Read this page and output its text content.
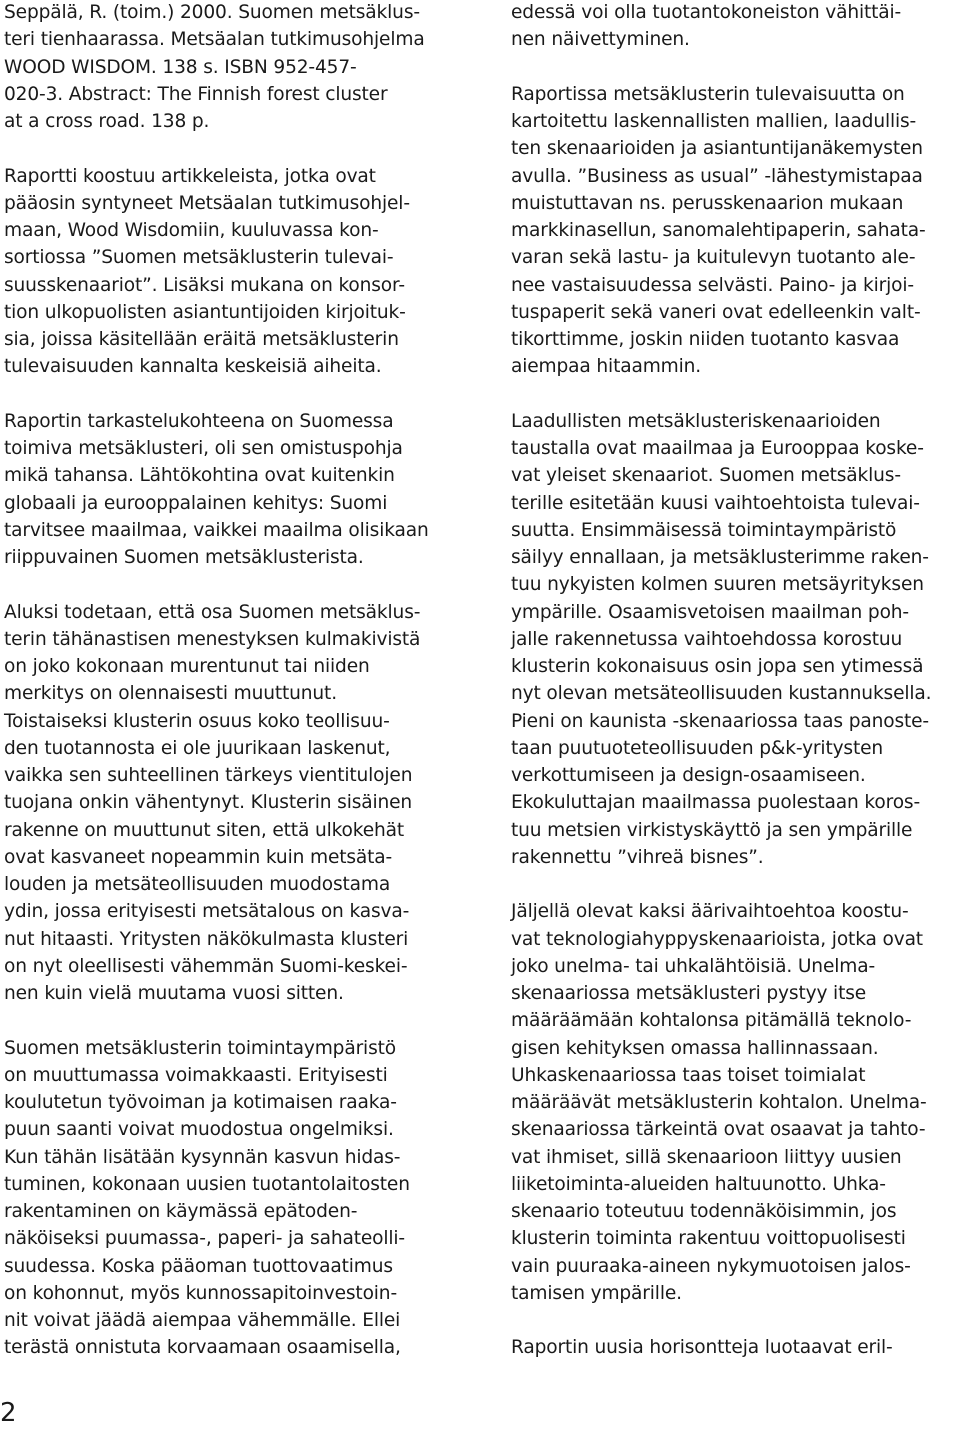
Seppälä, R. (toim.) 2000. Suomen metsäklus-
teri tienhaarassa. Metsäalan tutkimusohjelma
WOOD WISDOM. 138 s. ISBN 952-457-
020-3. Abstract: The Finnish forest cluster
at a cross road. 138 p.
Raportti koostuu artikkeleista, jotka ovat
pääosin syntyneet Metsäalan tutkimusohjel-
maan, Wood Wisdomiin, kuuluvassa kon-
sortiossa ”Suomen metsäklusterin tulevai-
suusskenaariot”. Lisäksi mukana on konsor-
tion ulkopuolisten asiantuntijoiden kirjoituk-
sia, joissa käsitellään eräitä metsäklusterin
tulevaisuuden kannalta keskeisiä aiheita.
Raportin tarkastelukohteena on Suomessa
toimiva metsäklusteri, oli sen omistuspohja
mikä tahansa. Lähtökohtina ovat kuitenkin
globaali ja eurooppalainen kehitys: Suomi
tarvitsee maailmaa, vaikkei maailma olisikaan
riippuvainen Suomen metsäklusterista.
Aluksi todetaan, että osa Suomen metsäklus-
terin tähänastisen menestyksen kulmakivistä
on joko kokonaan murentunut tai niiden
merkitys on olennaisesti muuttunut.
Toistaiseksi klusterin osuus koko teollisuu-
den tuotannosta ei ole juurikaan laskenut,
vaikka sen suhteellinen tärkeys vientitulojen
tuojana onkin vähentynyt. Klusterin sisäinen
rakenne on muuttunut siten, että ulkokehät
ovat kasvaneet nopeammin kuin metsäta-
louden ja metsäteollisuuden muodostama
ydin, jossa erityisesti metsätalous on kasva-
nut hitaasti. Yritysten näkökulmasta klusteri
on nyt oleellisesti vähemmän Suomi-keskei-
nen kuin vielä muutama vuosi sitten.
Suomen metsäklusterin toimintaympäristö
on muuttumassa voimakkaasti. Erityisesti
koulutetun työvoiman ja kotimaisen raaka-
puun saanti voivat muodostua ongelmiksi.
Kun tähän lisätään kysynnän kasvun hidas-
tuminen, kokonaan uusien tuotantolaitosten
rakentaminen on käymässä epätoden-
näköiseksi puumassa-, paperi- ja sahateolli-
suudessa. Koska pääoman tuottovaatimus
on kohonnut, myös kunnossapitoinvestoin-
nit voivat jäädä aiempaa vähemmälle. Ellei
terästä onnistuta korvaamaan osaamisella,
edessä voi olla tuotantokoneiston vähittäi-
nen näivettyminen.
Raportissa metsäklusterin tulevaisuutta on
kartoitettu laskennallisten mallien, laadullis-
ten skenaarioiden ja asiantuntijanäkemysten
avulla. ”Business as usual” -lähestymistapaa
muistuttavan ns. perusskenaarion mukaan
markkinasellun, sanomalehtipaperin, sahata-
varan sekä lastu- ja kuitulevyn tuotanto ale-
nee vastaisuudessa selvästi. Paino- ja kirjoi-
tuspaperit sekä vaneri ovat edelleenkin valt-
tikorttimme, joskin niiden tuotanto kasvaa
aiempaa hitaammin.
Laadullisten metsäklusteriskenaarioiden
taustalla ovat maailmaa ja Eurooppaa koske-
vat yleiset skenaariot. Suomen metsäklus-
terille esitetään kuusi vaihtoehtoista tulevai-
suutta. Ensimmäisessä toimintaympäristö
säilyy ennallaan, ja metsäklusterimme raken-
tuu nykyisten kolmen suuren metsäyrityksen
ympärille. Osaamisvetoisen maailman poh-
jalle rakennetussa vaihtoehdossa korostuu
klusterin kokonaisuus osin jopa sen ytimessä
nyt olevan metsäteollisuuden kustannuksella.
Pieni on kaunista -skenaariossa taas panoste-
taan puutuoteteollisuuden p&k-yritysten
verkottumiseen ja design-osaamiseen.
Ekokuluttajan maailmassa puolestaan koros-
tuu metsien virkistyskäyttö ja sen ympärille
rakennettu ”vihreä bisnes”.
Jäljellä olevat kaksi äärivaihtoehtoa koostu-
vat teknologiahyppyskenaarioista, jotka ovat
joko unelma- tai uhkalähtöisiä. Unelma-
skenaariossa metsäklusteri pystyy itse
määräämään kohtalonsa pitämällä teknolo-
gisen kehityksen omassa hallinnassaan.
Uhkaskenaariossa taas toiset toimialat
määräävät metsäklusterin kohtalon. Unelma-
skenaariossa tärkeintä ovat osaavat ja tahto-
vat ihmiset, sillä skenaarioon liittyy uusien
liiketoiminta-alueiden haltuunotto. Uhka-
skenaario toteutuu todennäköisimmin, jos
klusterin toiminta rakentuu voittopuolisesti
vain puuraaka-aineen nykymuotoisen jalos-
tamisen ympärille.
Raportin uusia horisontteja luotaavat eril-
2
